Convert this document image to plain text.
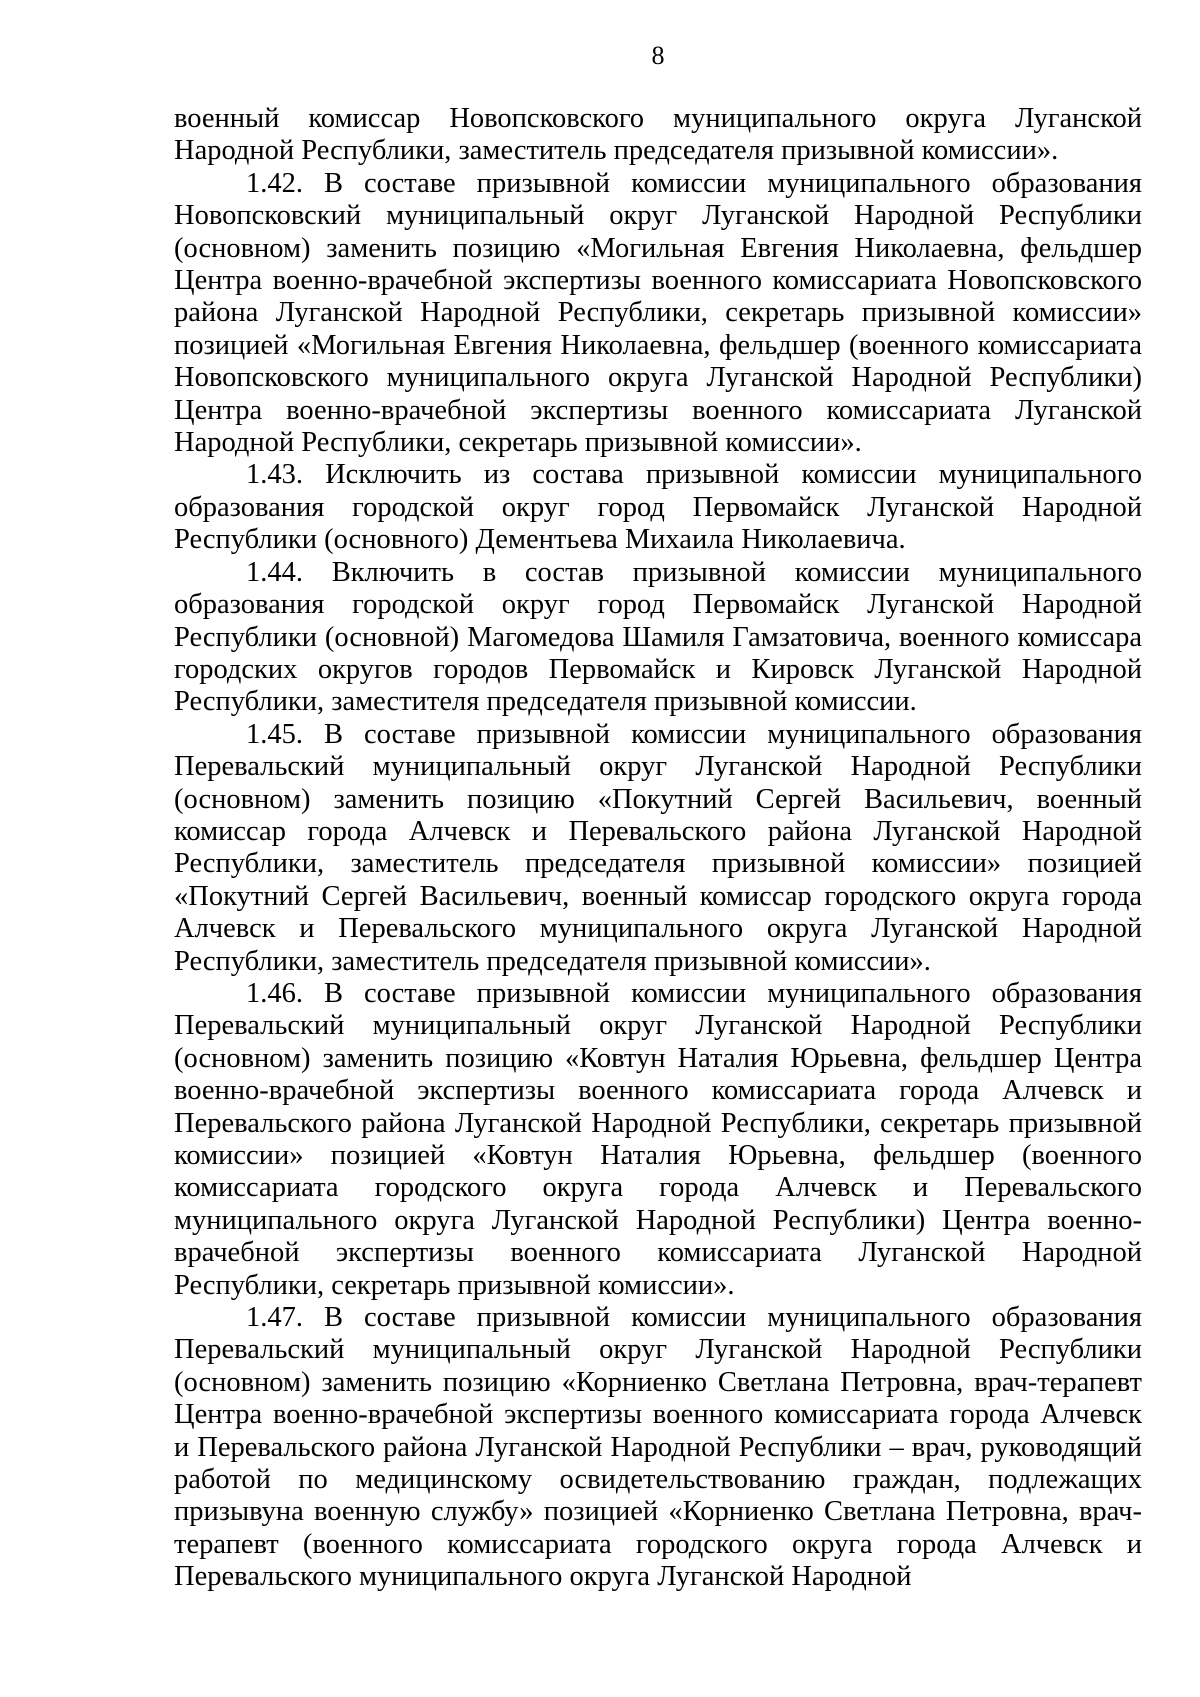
8

военный комиссар Новопсковского муниципального округа Луганской Народной Республики, заместитель председателя призывной комиссии».

1.42. В составе призывной комиссии муниципального образования Новопсковский муниципальный округ Луганской Народной Республики (основном) заменить позицию «Могильная Евгения Николаевна, фельдшер Центра военно-врачебной экспертизы военного комиссариата Новопсковского района Луганской Народной Республики, секретарь призывной комиссии» позицией «Могильная Евгения Николаевна, фельдшер (военного комиссариата Новопсковского муниципального округа Луганской Народной Республики) Центра военно-врачебной экспертизы военного комиссариата Луганской Народной Республики, секретарь призывной комиссии».

1.43. Исключить из состава призывной комиссии муниципального образования городской округ город Первомайск Луганской Народной Республики (основного) Дементьева Михаила Николаевича.

1.44. Включить в состав призывной комиссии муниципального образования городской округ город Первомайск Луганской Народной Республики (основной) Магомедова Шамиля Гамзатовича, военного комиссара городских округов городов Первомайск и Кировск Луганской Народной Республики, заместителя председателя призывной комиссии.

1.45. В составе призывной комиссии муниципального образования Перевальский муниципальный округ Луганской Народной Республики (основном) заменить позицию «Покутний Сергей Васильевич, военный комиссар города Алчевск и Перевальского района Луганской Народной Республики, заместитель председателя призывной комиссии» позицией «Покутний Сергей Васильевич, военный комиссар городского округа города Алчевск и Перевальского муниципального округа Луганской Народной Республики, заместитель председателя призывной комиссии».

1.46. В составе призывной комиссии муниципального образования Перевальский муниципальный округ Луганской Народной Республики (основном) заменить позицию «Ковтун Наталия Юрьевна, фельдшер Центра военно-врачебной экспертизы военного комиссариата города Алчевск и Перевальского района Луганской Народной Республики, секретарь призывной комиссии» позицией «Ковтун Наталия Юрьевна, фельдшер (военного комиссариата городского округа города Алчевск и Перевальского муниципального округа Луганской Народной Республики) Центра военно-врачебной экспертизы военного комиссариата Луганской Народной Республики, секретарь призывной комиссии».

1.47. В составе призывной комиссии муниципального образования Перевальский муниципальный округ Луганской Народной Республики (основном) заменить позицию «Корниенко Светлана Петровна, врач-терапевт Центра военно-врачебной экспертизы военного комиссариата города Алчевск и Перевальского района Луганской Народной Республики – врач, руководящий работой по медицинскому освидетельствованию граждан, подлежащих призывуна военную службу» позицией «Корниенко Светлана Петровна, врач-терапевт (военного комиссариата городского округа города Алчевск и Перевальского муниципального округа Луганской Народной
